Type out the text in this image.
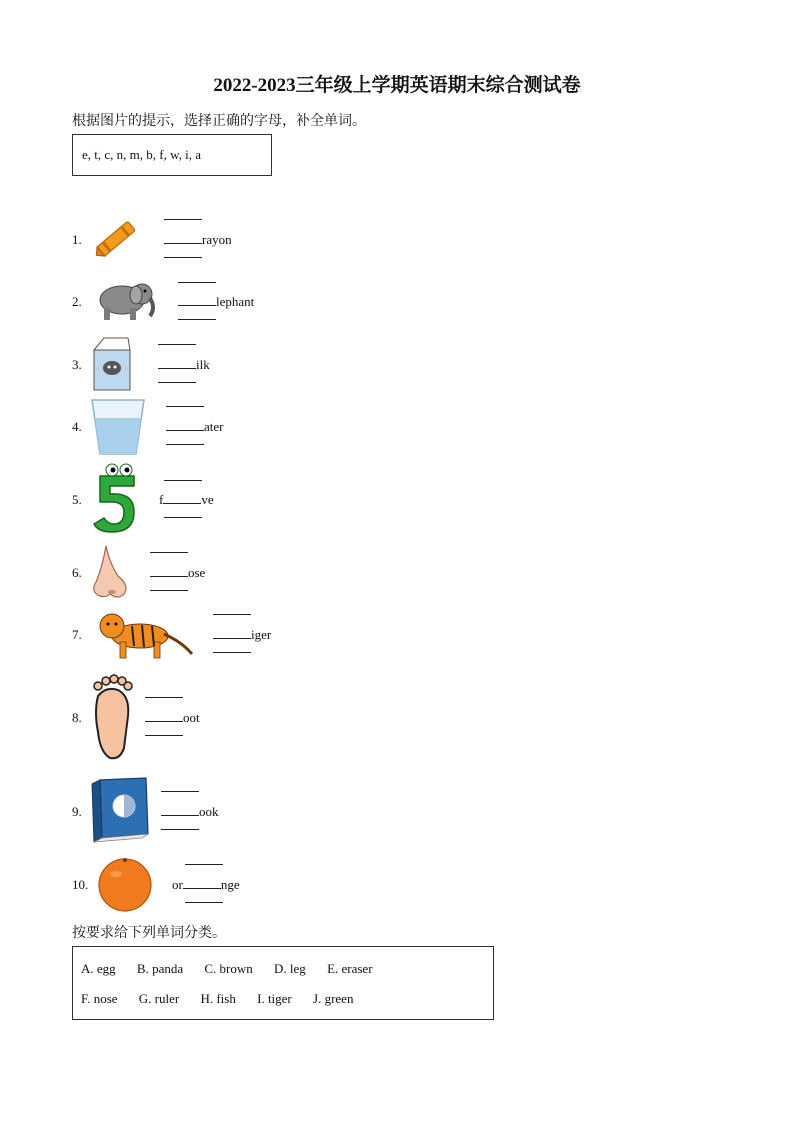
2022-2023三年级上学期英语期末综合测试卷
根据图片的提示，选择正确的字母，补全单词。
e, t, c, n, m, b, f, w, i, a
1.	rayon
2.	lephant
3.	ilk
4.	ater
5.	f	ve
6.	ose
7.	iger
8.	oot
9.	ook
10.	or	nge
按要求给下列单词分类。
A. egg B. panda C. brown D. leg E. eraser
F. nose G. ruler H. fish I. tiger J. green
